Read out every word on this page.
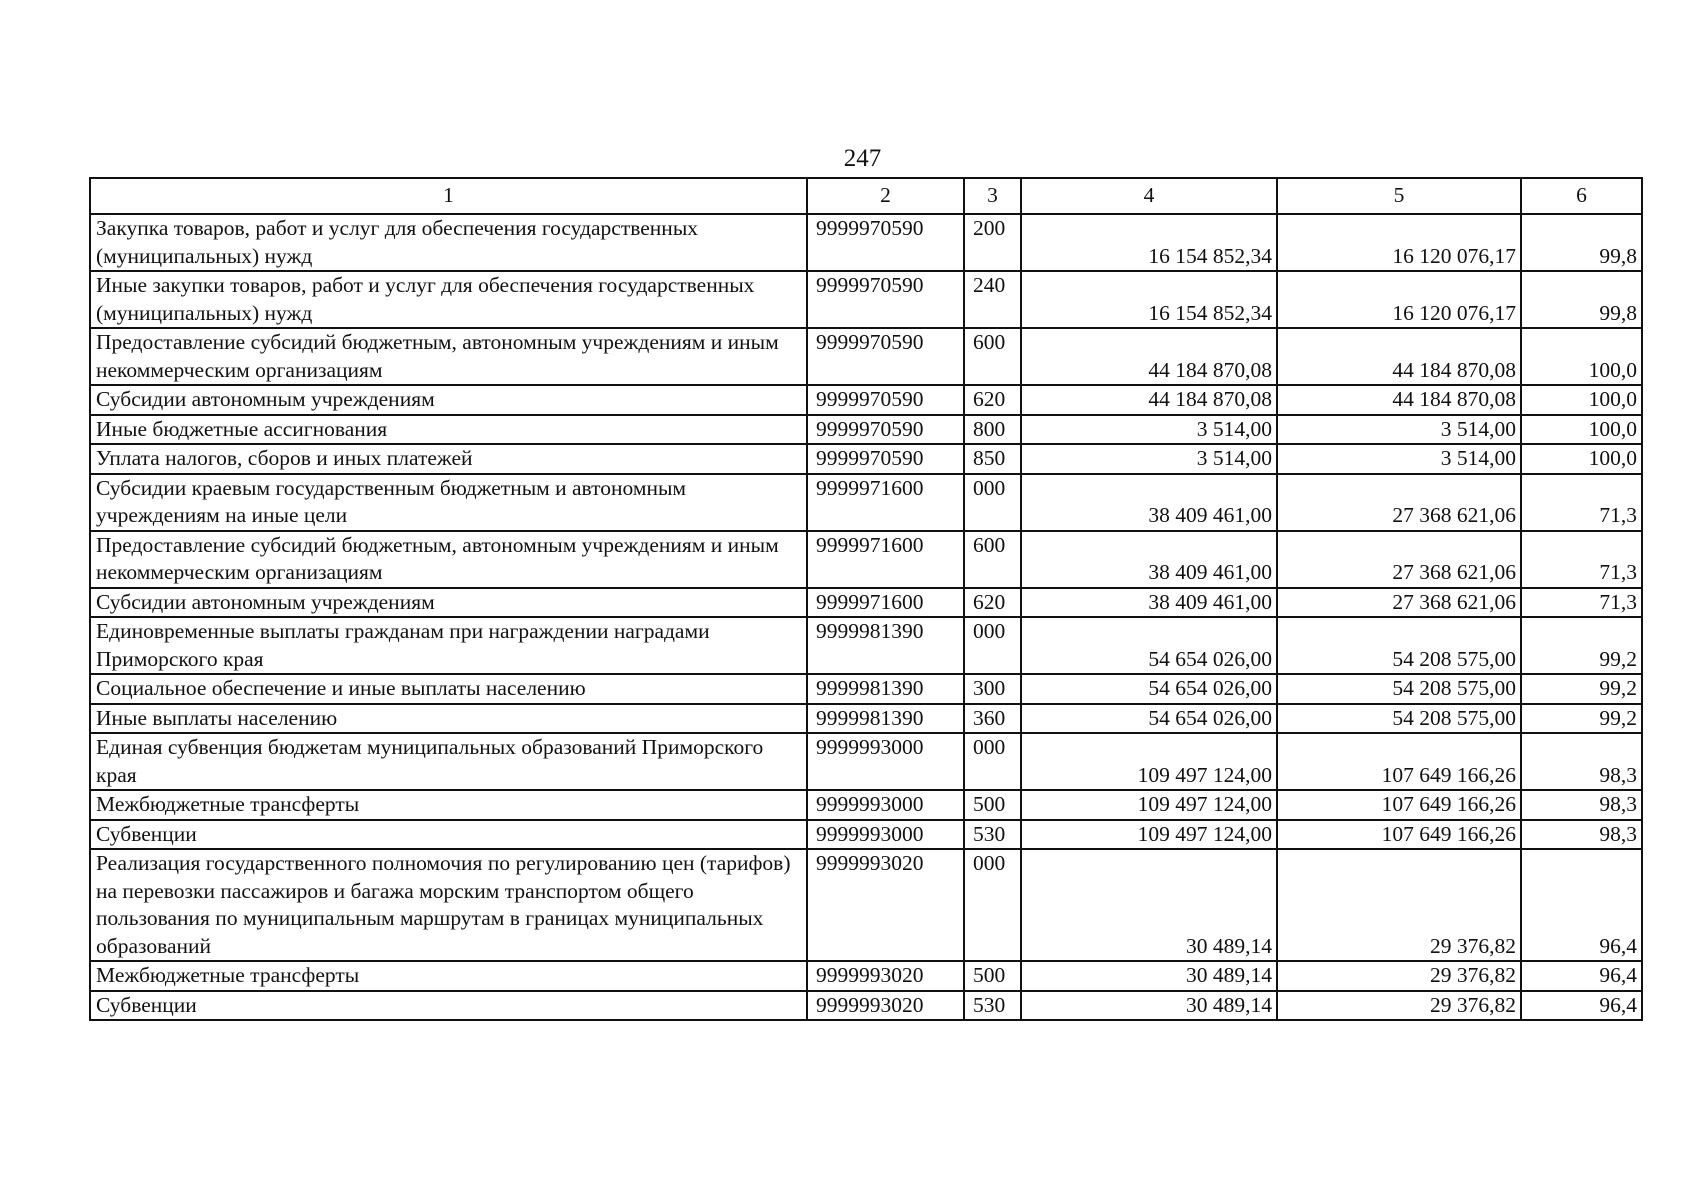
247
1	2	3	4	5	6
Закупка товаров, работ и услуг для обеспечения государственных (муниципальных) нужд	9999970590	200	16 154 852,34	16 120 076,17	99,8
Иные закупки товаров, работ и услуг для обеспечения государственных (муниципальных) нужд	9999970590	240	16 154 852,34	16 120 076,17	99,8
Предоставление субсидий бюджетным, автономным учреждениям и иным некоммерческим организациям	9999970590	600	44 184 870,08	44 184 870,08	100,0
Субсидии автономным учреждениям	9999970590	620	44 184 870,08	44 184 870,08	100,0
Иные бюджетные ассигнования	9999970590	800	3 514,00	3 514,00	100,0
Уплата налогов, сборов и иных платежей	9999970590	850	3 514,00	3 514,00	100,0
Субсидии краевым государственным бюджетным и автономным учреждениям на иные цели	9999971600	000	38 409 461,00	27 368 621,06	71,3
Предоставление субсидий бюджетным, автономным учреждениям и иным некоммерческим организациям	9999971600	600	38 409 461,00	27 368 621,06	71,3
Субсидии автономным учреждениям	9999971600	620	38 409 461,00	27 368 621,06	71,3
Единовременные выплаты гражданам при награждении наградами Приморского края	9999981390	000	54 654 026,00	54 208 575,00	99,2
Социальное обеспечение и иные выплаты населению	9999981390	300	54 654 026,00	54 208 575,00	99,2
Иные выплаты населению	9999981390	360	54 654 026,00	54 208 575,00	99,2
Единая субвенция бюджетам муниципальных образований Приморского края	9999993000	000	109 497 124,00	107 649 166,26	98,3
Межбюджетные трансферты	9999993000	500	109 497 124,00	107 649 166,26	98,3
Субвенции	9999993000	530	109 497 124,00	107 649 166,26	98,3
Реализация государственного полномочия по регулированию цен (тарифов) на перевозки пассажиров и багажа морским транспортом общего пользования по муниципальным маршрутам в границах муниципальных образований	9999993020	000	30 489,14	29 376,82	96,4
Межбюджетные трансферты	9999993020	500	30 489,14	29 376,82	96,4
Субвенции	9999993020	530	30 489,14	29 376,82	96,4
